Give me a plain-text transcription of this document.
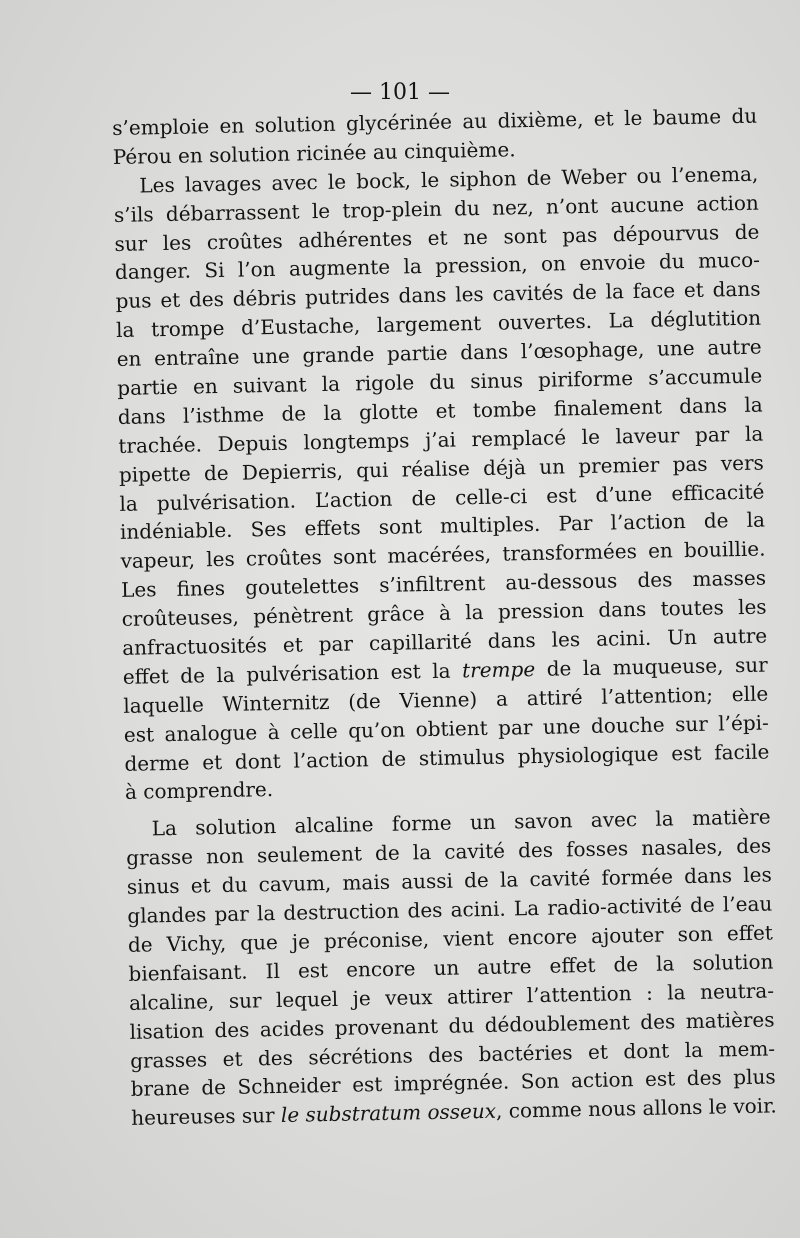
— 101 —
s’emploie en solution glycérinée au dixième, et le baume du
Pérou en solution ricinée au cinquième.
Les lavages avec le bock, le siphon de Weber ou l’enema,
s’ils débarrassent le trop-plein du nez, n’ont aucune action
sur les croûtes adhérentes et ne sont pas dépourvus de
danger. Si l’on augmente la pression, on envoie du muco-
pus et des débris putrides dans les cavités de la face et dans
la trompe d’Eustache, largement ouvertes. La déglutition
en entraîne une grande partie dans l’œsophage, une autre
partie en suivant la rigole du sinus piriforme s’accumule
dans l’isthme de la glotte et tombe finalement dans la
trachée. Depuis longtemps j’ai remplacé le laveur par la
pipette de Depierris, qui réalise déjà un premier pas vers
la pulvérisation. L’action de celle-ci est d’une efficacité
indéniable. Ses effets sont multiples. Par l’action de la
vapeur, les croûtes sont macérées, transformées en bouillie.
Les fines goutelettes s’infiltrent au-dessous des masses
croûteuses, pénètrent grâce à la pression dans toutes les
anfractuosités et par capillarité dans les acini. Un autre
effet de la pulvérisation est la trempe de la muqueuse, sur
laquelle Winternitz (de Vienne) a attiré l’attention; elle
est analogue à celle qu’on obtient par une douche sur l’épi-
derme et dont l’action de stimulus physiologique est facile
à comprendre.
La solution alcaline forme un savon avec la matière
grasse non seulement de la cavité des fosses nasales, des
sinus et du cavum, mais aussi de la cavité formée dans les
glandes par la destruction des acini. La radio-activité de l’eau
de Vichy, que je préconise, vient encore ajouter son effet
bienfaisant. Il est encore un autre effet de la solution
alcaline, sur lequel je veux attirer l’attention : la neutra-
lisation des acides provenant du dédoublement des matières
grasses et des sécrétions des bactéries et dont la mem-
brane de Schneider est imprégnée. Son action est des plus
heureuses sur le substratum osseux, comme nous allons le voir.
